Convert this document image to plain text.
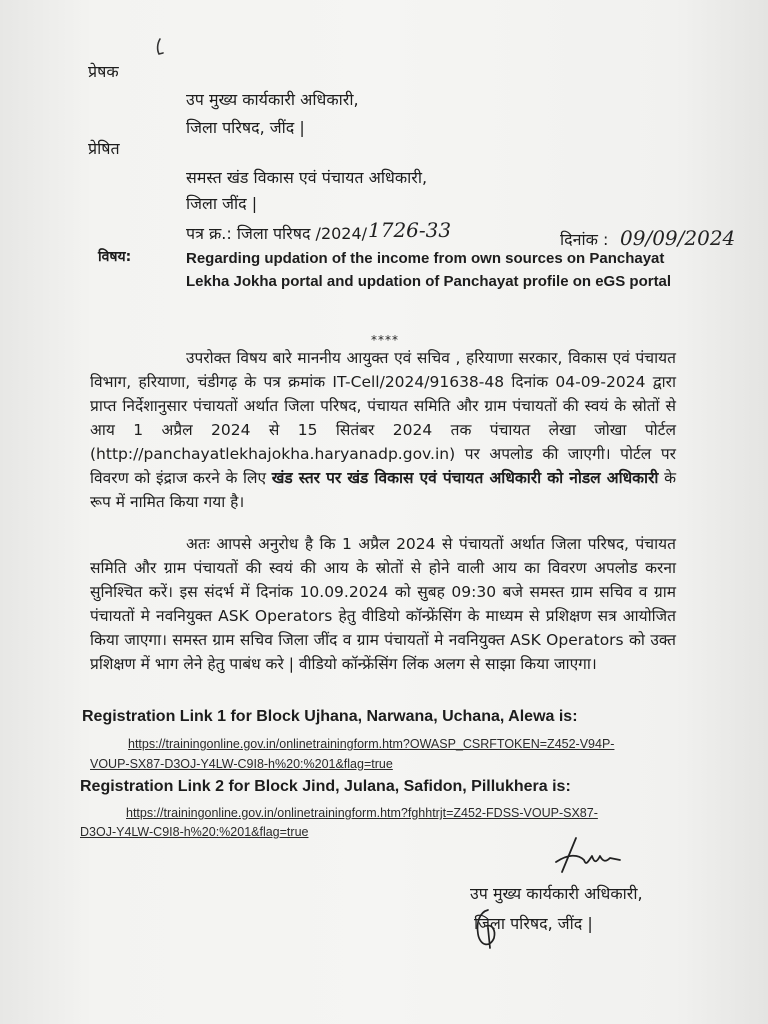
प्रेषक
उप मुख्य कार्यकारी अधिकारी,
जिला परिषद, जींद |
प्रेषित
समस्त खंड विकास एवं पंचायत अधिकारी,
जिला जींद |
पत्र क्र.: जिला परिषद /2024/ 1726-33	दिनांक : 09/09/2024
विषय:	Regarding updation of the income from own sources on Panchayat Lekha Jokha portal and updation of Panchayat profile on eGS portal
****
उपरोक्त विषय बारे माननीय आयुक्त एवं सचिव , हरियाणा सरकार, विकास एवं पंचायत विभाग, हरियाणा, चंडीगढ़ के पत्र क्रमांक IT-Cell/2024/91638-48 दिनांक 04-09-2024 द्वारा प्राप्त निर्देशानुसार पंचायतों अर्थात जिला परिषद, पंचायत समिति और ग्राम पंचायतों की स्वयं के स्रोतों से आय 1 अप्रैल 2024 से 15 सितंबर 2024 तक पंचायत लेखा जोखा पोर्टल (http://panchayatlekhajokha.haryanadp.gov.in) पर अपलोड की जाएगी। पोर्टल पर विवरण को इंद्राज करने के लिए खंड स्तर पर खंड विकास एवं पंचायत अधिकारी को नोडल अधिकारी के रूप में नामित किया गया है।
अतः आपसे अनुरोध है कि 1 अप्रैल 2024 से पंचायतों अर्थात जिला परिषद, पंचायत समिति और ग्राम पंचायतों की स्वयं की आय के स्रोतों से होने वाली आय का विवरण अपलोड करना सुनिश्चित करें। इस संदर्भ में दिनांक 10.09.2024 को सुबह 09:30 बजे समस्त ग्राम सचिव व ग्राम पंचायतों मे नवनियुक्त ASK Operators हेतु वीडियो कॉन्फ्रेंसिंग के माध्यम से प्रशिक्षण सत्र आयोजित किया जाएगा। समस्त ग्राम सचिव जिला जींद व ग्राम पंचायतों मे नवनियुक्त ASK Operators को उक्त प्रशिक्षण में भाग लेने हेतु पाबंध करे | वीडियो कॉन्फ्रेंसिंग लिंक अलग से साझा किया जाएगा।
Registration Link 1 for Block Ujhana, Narwana, Uchana, Alewa is:
https://trainingonline.gov.in/onlinetrainingform.htm?OWASP_CSRFTOKEN=Z452-V94P-
VOUP-SX87-D3OJ-Y4LW-C9I8-h%20:%201&flag=true
Registration Link 2 for Block Jind, Julana, Safidon, Pillukhera is:
https://trainingonline.gov.in/onlinetrainingform.htm?fghhtrjt=Z452-FDSS-VOUP-SX87-
D3OJ-Y4LW-C9I8-h%20:%201&flag=true
उप मुख्य कार्यकारी अधिकारी,
जिला परिषद, जींद |
